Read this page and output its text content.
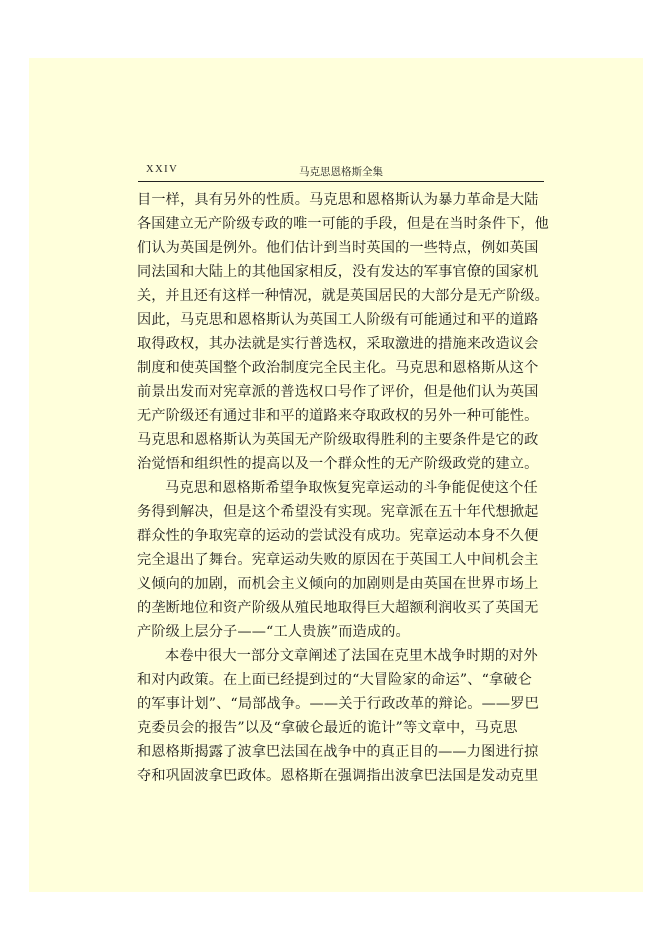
XXIV	马克思恩格斯全集
目一样，具有另外的性质。马克思和恩格斯认为暴力革命是大陆
各国建立无产阶级专政的唯一可能的手段，但是在当时条件下，他
们认为英国是例外。他们估计到当时英国的一些特点，例如英国
同法国和大陆上的其他国家相反，没有发达的军事官僚的国家机
关，并且还有这样一种情况，就是英国居民的大部分是无产阶级。
因此，马克思和恩格斯认为英国工人阶级有可能通过和平的道路
取得政权，其办法就是实行普选权，采取激进的措施来改造议会
制度和使英国整个政治制度完全民主化。马克思和恩格斯从这个
前景出发而对宪章派的普选权口号作了评价，但是他们认为英国
无产阶级还有通过非和平的道路来夺取政权的另外一种可能性。
马克思和恩格斯认为英国无产阶级取得胜利的主要条件是它的政
治觉悟和组织性的提高以及一个群众性的无产阶级政党的建立。
马克思和恩格斯希望争取恢复宪章运动的斗争能促使这个任
务得到解决，但是这个希望没有实现。宪章派在五十年代想掀起
群众性的争取宪章的运动的尝试没有成功。宪章运动本身不久便
完全退出了舞台。宪章运动失败的原因在于英国工人中间机会主
义倾向的加剧，而机会主义倾向的加剧则是由英国在世界市场上
的垄断地位和资产阶级从殖民地取得巨大超额利润收买了英国无
产阶级上层分子——“工人贵族”而造成的。
本卷中很大一部分文章阐述了法国在克里木战争时期的对外
和对内政策。在上面已经提到过的“大冒险家的命运”、“拿破仑
的军事计划”、“局部战争。——关于行政改革的辩论。——罗巴
克委员会的报告”以及“拿破仑最近的诡计”等文章中，马克思
和恩格斯揭露了波拿巴法国在战争中的真正目的——力图进行掠
夺和巩固波拿巴政体。恩格斯在强调指出波拿巴法国是发动克里
